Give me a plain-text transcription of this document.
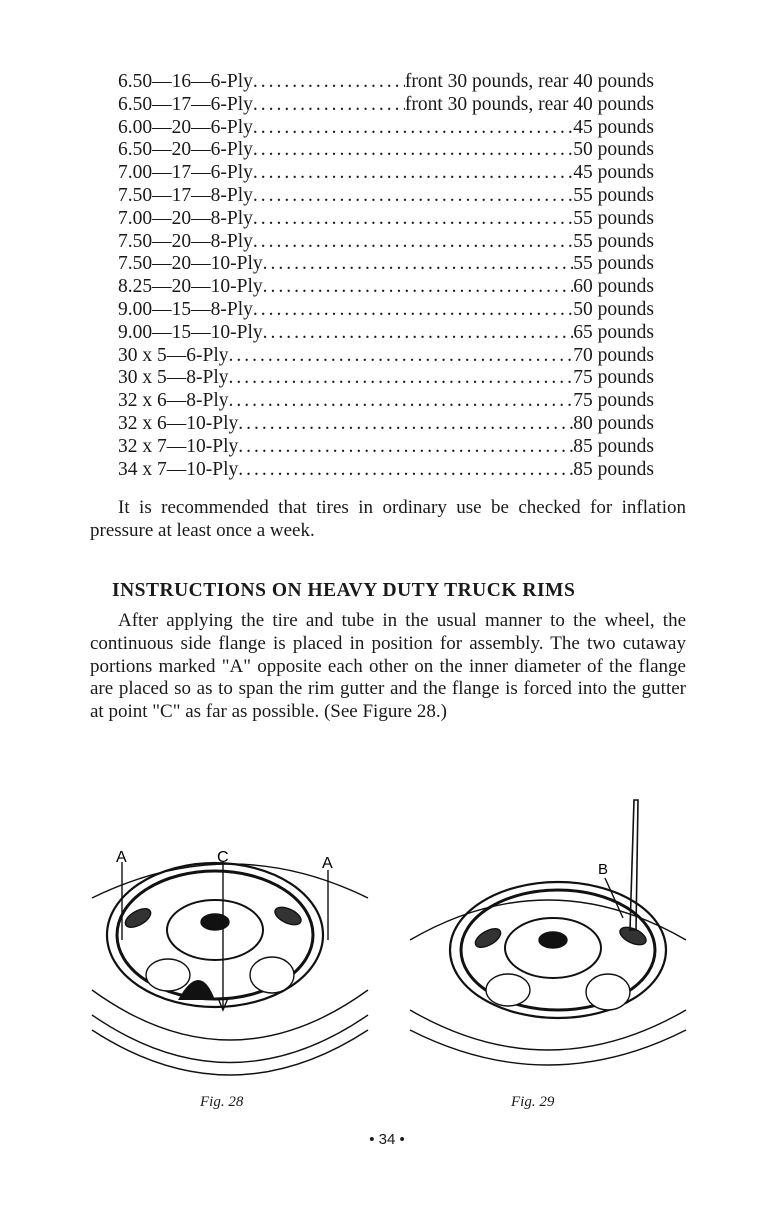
6.50—16—6-Ply .....	front 30 pounds, rear 40 pounds
6.50—17—6-Ply .....	front 30 pounds, rear 40 pounds
6.00—20—6-Ply .....	45 pounds
6.50—20—6-Ply .....	50 pounds
7.00—17—6-Ply .....	45 pounds
7.50—17—8-Ply .....	55 pounds
7.00—20—8-Ply .....	55 pounds
7.50—20—8-Ply .....	55 pounds
7.50—20—10-Ply .....	55 pounds
8.25—20—10-Ply .....	60 pounds
9.00—15—8-Ply .....	50 pounds
9.00—15—10-Ply .....	65 pounds
30 x 5—6-Ply .....	70 pounds
30 x 5—8-Ply .....	75 pounds
32 x 6—8-Ply .....	75 pounds
32 x 6—10-Ply .....	80 pounds
32 x 7—10-Ply .....	85 pounds
34 x 7—10-Ply .....	85 pounds
It is recommended that tires in ordinary use be checked for inflation pressure at least once a week.
INSTRUCTIONS ON HEAVY DUTY TRUCK RIMS
After applying the tire and tube in the usual manner to the wheel, the continuous side flange is placed in position for assembly. The two cutaway portions marked "A" opposite each other on the inner diameter of the flange are placed so as to span the rim gutter and the flange is forced into the gutter at point "C" as far as possible. (See Figure 28.)
A	C	A	B
Fig. 28	Fig. 29
• 34 •
